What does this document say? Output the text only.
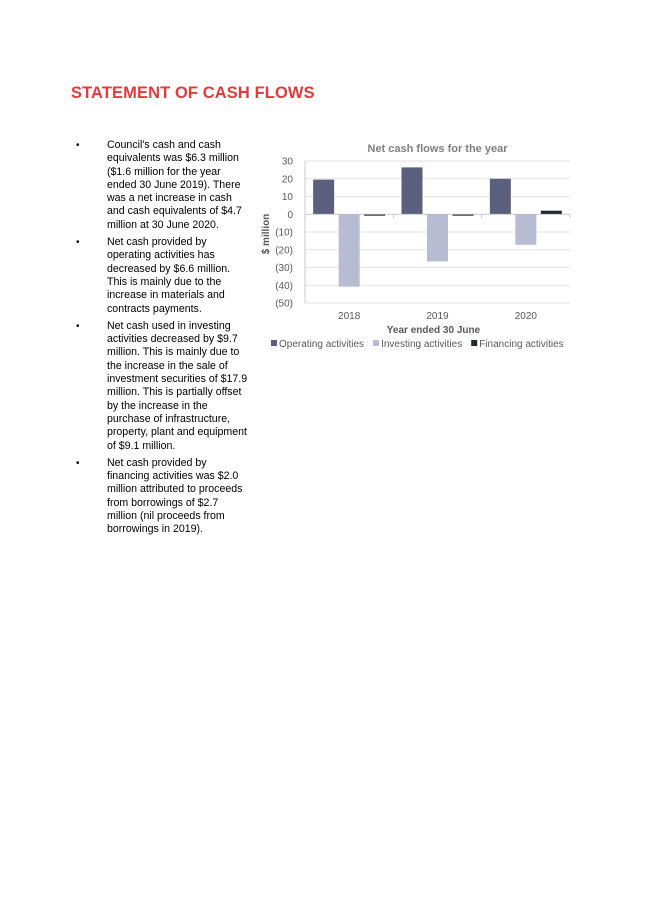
STATEMENT OF CASH FLOWS
•	Council's cash and cash equivalents was $6.3 million ($1.6 million for the year ended 30 June 2019). There was a net increase in cash and cash equivalents of $4.7 million at 30 June 2020.
•	Net cash provided by operating activities has decreased by $6.6 million. This is mainly due to the increase in materials and contracts payments.
•	Net cash used in investing activities decreased by $9.7 million. This is mainly due to the increase in the sale of investment securities of $17.9 million. This is partially offset by the increase in the purchase of infrastructure, property, plant and equipment of $9.1 million.
•	Net cash provided by financing activities was $2.0 million attributed to proceeds from borrowings of $2.7 million (nil proceeds from borrowings in 2019).
Net cash flows for the year
30
20
10
0
(10)
(20)
(30)
(40)
(50)
$ million
2018	2019	2020
Year ended 30 June
Operating activities Investing activities Financing activities
